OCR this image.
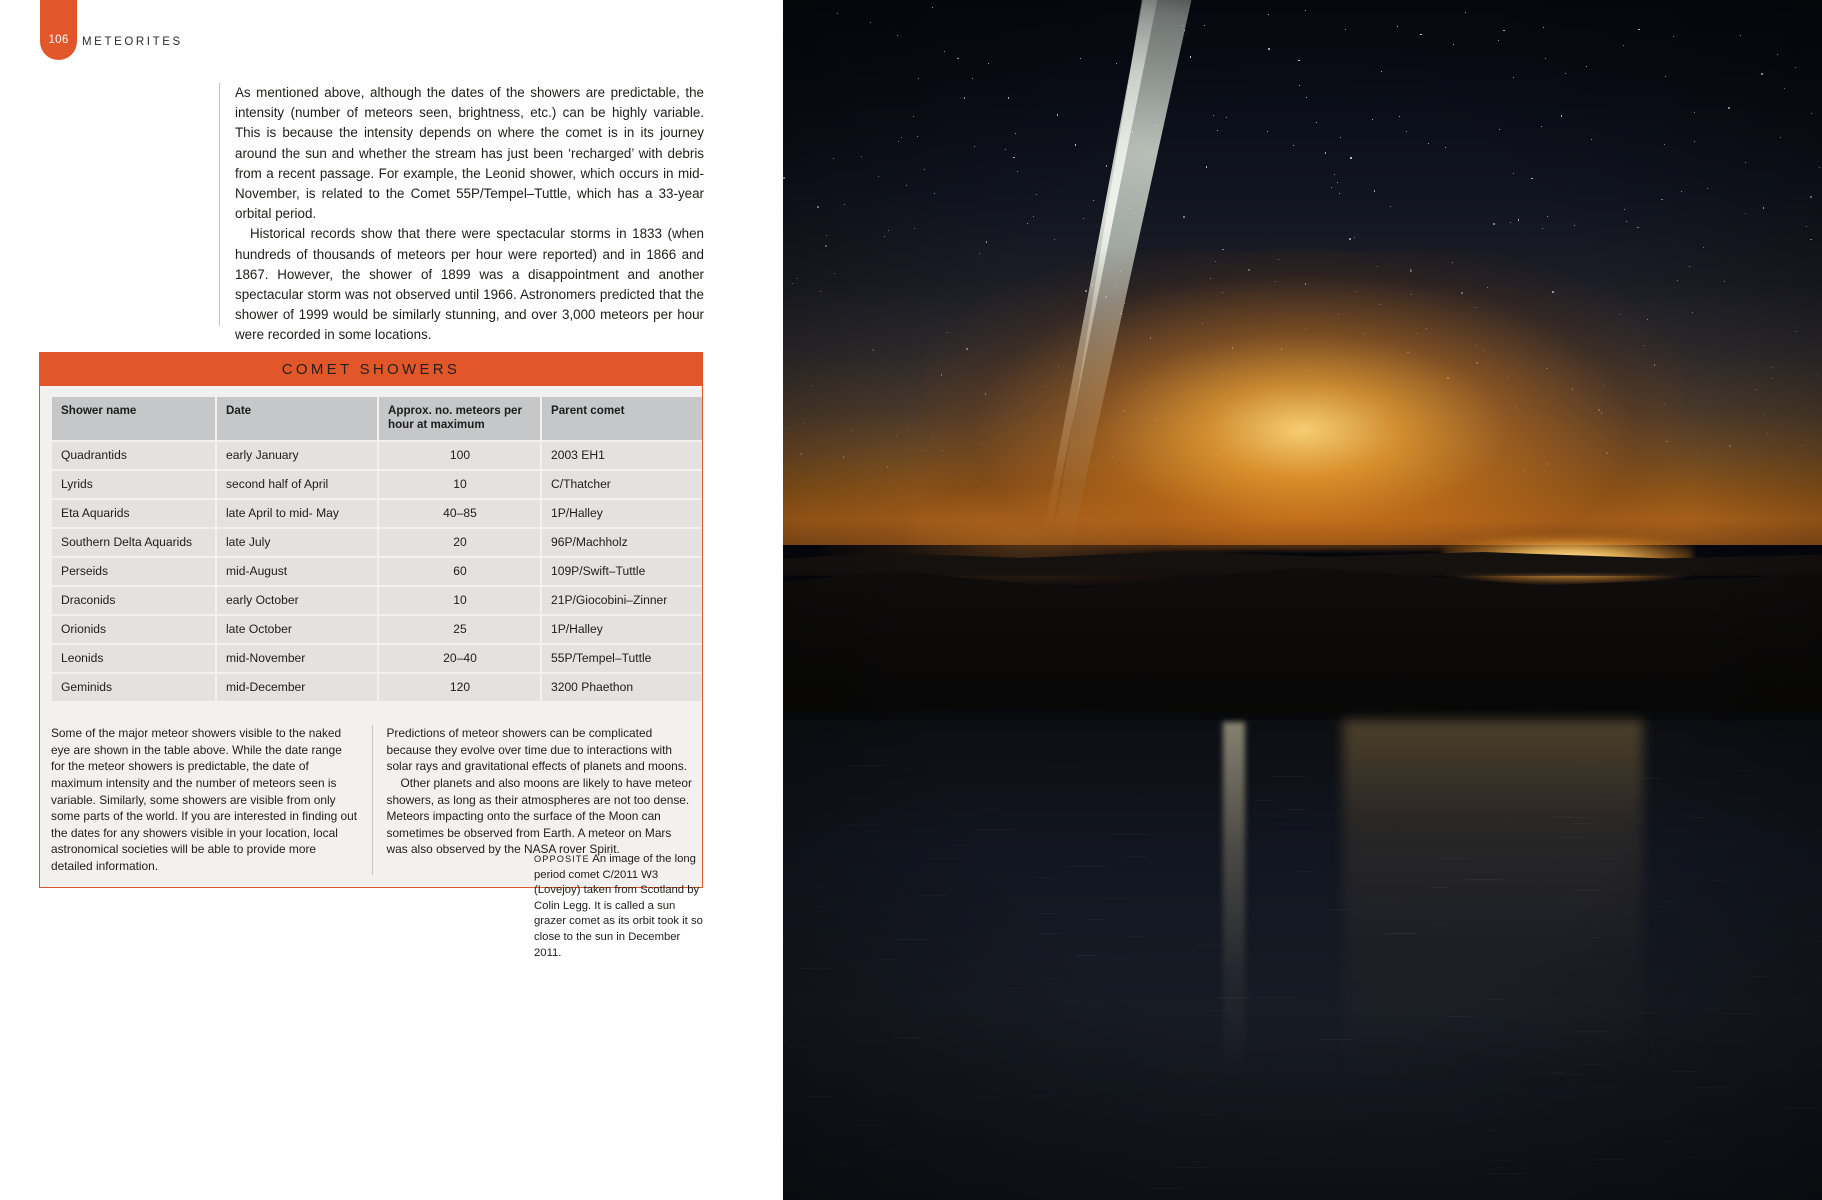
106	METEORITES

As mentioned above, although the dates of the showers are predictable, the intensity (number of meteors seen, brightness, etc.) can be highly variable. This is because the intensity depends on where the comet is in its journey around the sun and whether the stream has just been ‘recharged’ with debris from a recent passage. For example, the Leonid shower, which occurs in mid-November, is related to the Comet 55P/Tempel–Tuttle, which has a 33-year orbital period.

Historical records show that there were spectacular storms in 1833 (when hundreds of thousands of meteors per hour were reported) and in 1866 and 1867. However, the shower of 1899 was a disappointment and another spectacular storm was not observed until 1966. Astronomers predicted that the shower of 1999 would be similarly stunning, and over 3,000 meteors per hour were recorded in some locations.

COMET SHOWERS
Shower name	Date	Approx. no. meteors per hour at maximum	Parent comet
Quadrantids	early January	100	2003 EH1
Lyrids	second half of April	10	C/Thatcher
Eta Aquarids	late April to mid- May	40–85	1P/Halley
Southern Delta Aquarids	late July	20	96P/Machholz
Perseids	mid-August	60	109P/Swift–Tuttle
Draconids	early October	10	21P/Giocobini–Zinner
Orionids	late October	25	1P/Halley
Leonids	mid-November	20–40	55P/Tempel–Tuttle
Geminids	mid-December	120	3200 Phaethon

Some of the major meteor showers visible to the naked eye are shown in the table above. While the date range for the meteor showers is predictable, the date of maximum intensity and the number of meteors seen is variable. Similarly, some showers are visible from only some parts of the world. If you are interested in finding out the dates for any showers visible in your location, local astronomical societies will be able to provide more detailed information.

Predictions of meteor showers can be complicated because they evolve over time due to interactions with solar rays and gravitational effects of planets and moons.

Other planets and also moons are likely to have meteor showers, as long as their atmospheres are not too dense. Meteors impacting onto the surface of the Moon can sometimes be observed from Earth. A meteor on Mars was also observed by the NASA rover Spirit.

OPPOSITE An image of the long period comet C/2011 W3 (Lovejoy) taken from Scotland by Colin Legg. It is called a sun grazer comet as its orbit took it so close to the sun in December 2011.
